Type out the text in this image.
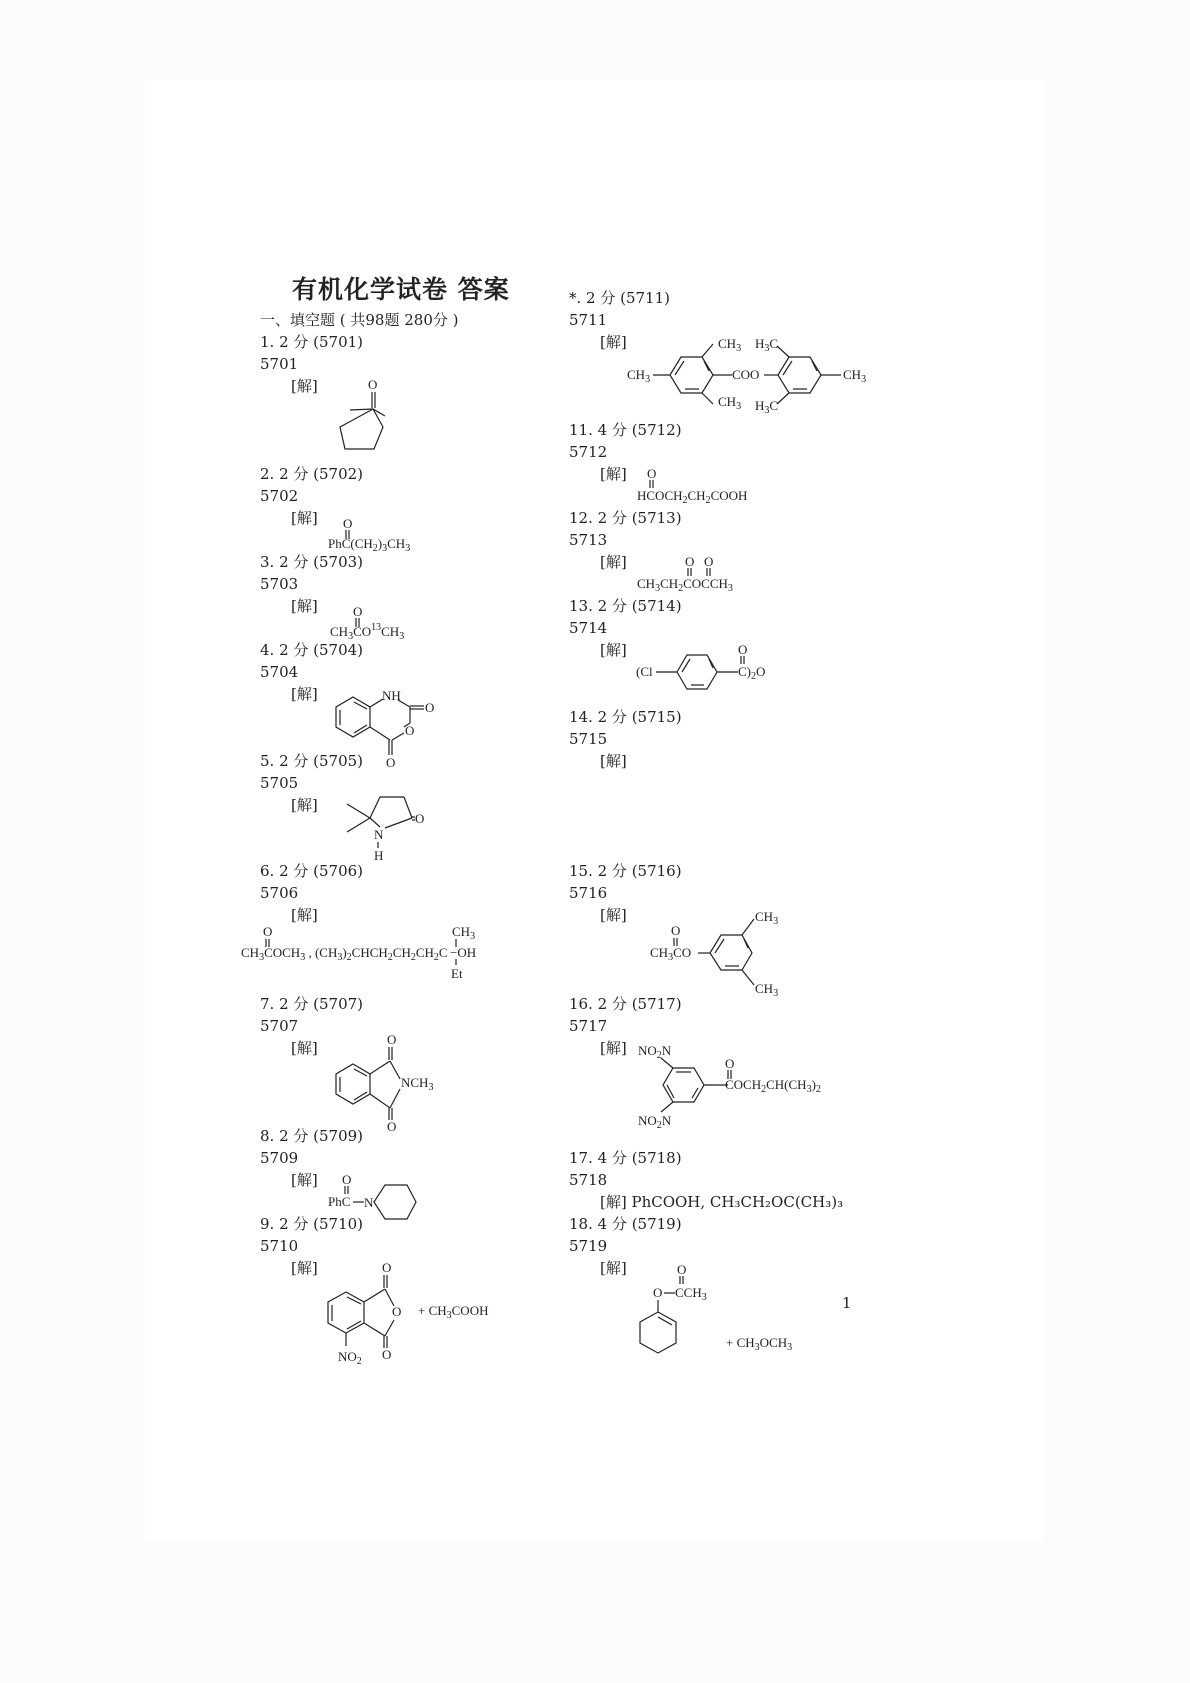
有机化学试卷 答案
一、填空题 ( 共98题 280分 )
1. 2 分 (5701)
5701
[解]	O
2. 2 分 (5702)
5702
[解] O
$PhC(CH_2)_3CH_3$
3. 2 分 (5703)
5703
[解]	O
$CH_3CO^{13}CH_3$
4. 2 分 (5704)
5704
[解]	NH
O
O
O
5. 2 分 (5705)
5705
[解]
N
O
H
6. 2 分 (5706)
5706
[解]
O
$CH_3COCH_3$ , $(CH_3)_2CHCH_2CH_2CH_2C -OH$
$CH_3$
Et
7. 2 分 (5707)
5707
[解]	O
$NCH_3$
O
8. 2 分 (5709)
5709
[解] O
PhC N
9. 2 分 (5710)
5710
[解]	O
O
O
$NO_2$
+ $CH_3COOH$
*. 2 分 (5711)
5711
[解]
$CH_3$
$CH_3$
$CH_3$
COO
$H_3C$
$H_3C$
$CH_3$
11. 4 分 (5712)
5712
[解] O
$HCOCH_2CH_2COOH$
12. 2 分 (5713)
5713
[解]	O O
$CH_3CH_2COCCH_3$
13. 2 分 (5714)
5714
[解]
(Cl
O
$C)_2O$
14. 2 分 (5715)
5715
[解]
15. 2 分 (5716)
5716
[解]
O
$CH_3CO$
$CH_3$
$CH_3$
16. 2 分 (5717)
5717
[解] $NO_2N$
O
$COCH_2CH(CH_3)_2$
$NO_2N$
17. 4 分 (5718)
5718
[解] PhCOOH, CH₃CH₂OC(CH₃)₃
18. 4 分 (5719)
5719
[解]	O
O $CCH_3$
+ $CH_3OCH_3$
1
